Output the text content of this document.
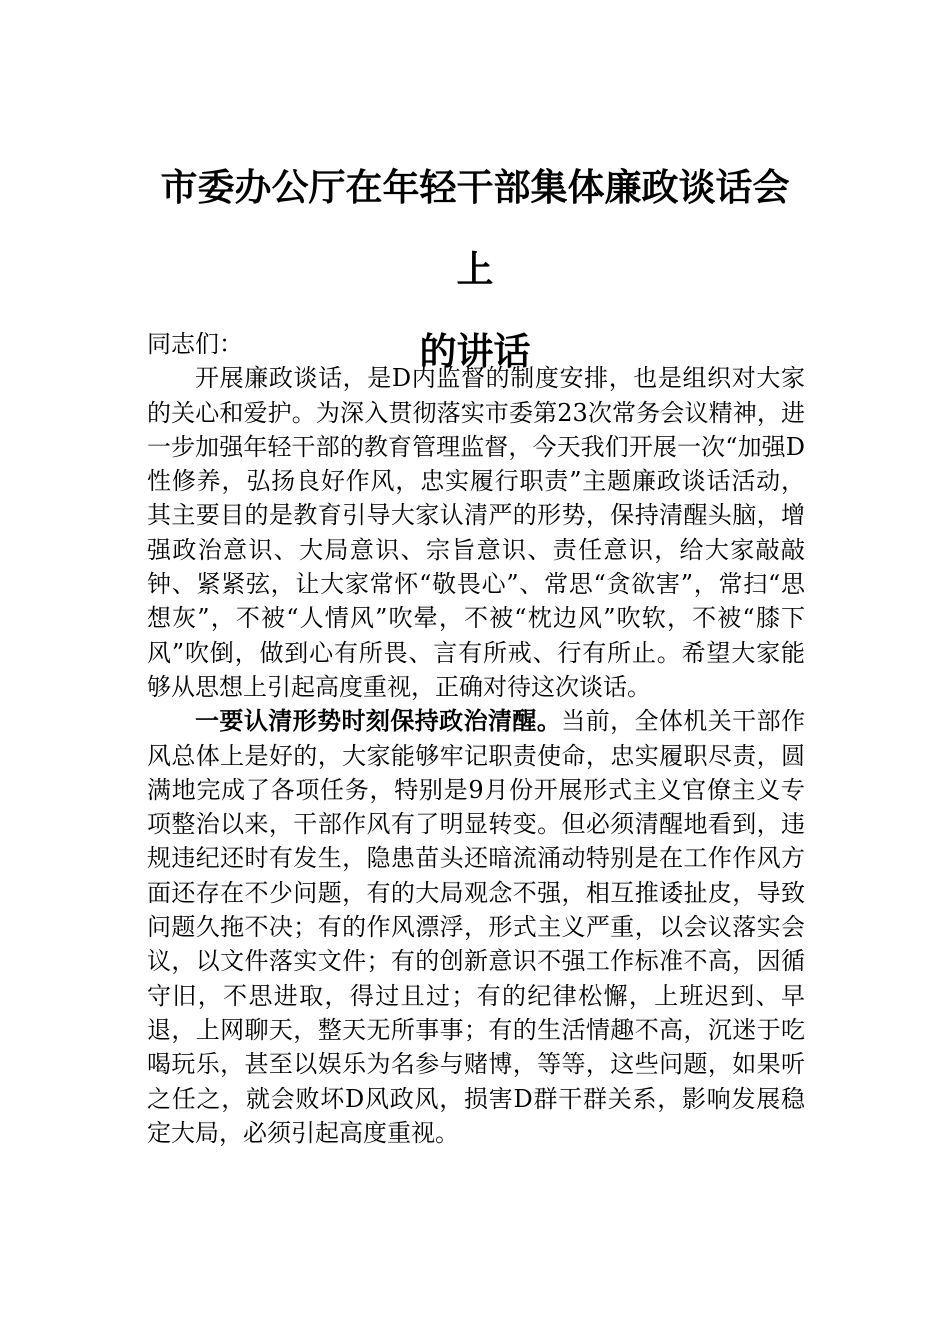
市委办公厅在年轻干部集体廉政谈话会上
的讲话

同志们：

开展廉政谈话，是D内监督的制度安排，也是组织对大家的关心和爱护。为深入贯彻落实市委第23次常务会议精神，进一步加强年轻干部的教育管理监督，今天我们开展一次“加强D性修养，弘扬良好作风，忠实履行职责”主题廉政谈话活动，其主要目的是教育引导大家认清严的形势，保持清醒头脑，增强政治意识、大局意识、宗旨意识、责任意识，给大家敲敲钟、紧紧弦，让大家常怀“敬畏心”、常思“贪欲害”，常扫“思想灰”，不被“人情风”吹晕，不被“枕边风”吹软，不被“膝下风”吹倒，做到心有所畏、言有所戒、行有所止。希望大家能够从思想上引起高度重视，正确对待这次谈话。

一要认清形势时刻保持政治清醒。当前，全体机关干部作风总体上是好的，大家能够牢记职责使命，忠实履职尽责，圆满地完成了各项任务，特别是9月份开展形式主义官僚主义专项整治以来，干部作风有了明显转变。但必须清醒地看到，违规违纪还时有发生，隐患苗头还暗流涌动特别是在工作作风方面还存在不少问题，有的大局观念不强，相互推诿扯皮，导致问题久拖不决；有的作风漂浮，形式主义严重，以会议落实会议，以文件落实文件；有的创新意识不强工作标准不高，因循守旧，不思进取，得过且过；有的纪律松懈，上班迟到、早退，上网聊天，整天无所事事；有的生活情趣不高，沉迷于吃喝玩乐，甚至以娱乐为名参与赌博，等等，这些问题，如果听之任之，就会败坏D风政风，损害D群干群关系，影响发展稳定大局，必须引起高度重视。
